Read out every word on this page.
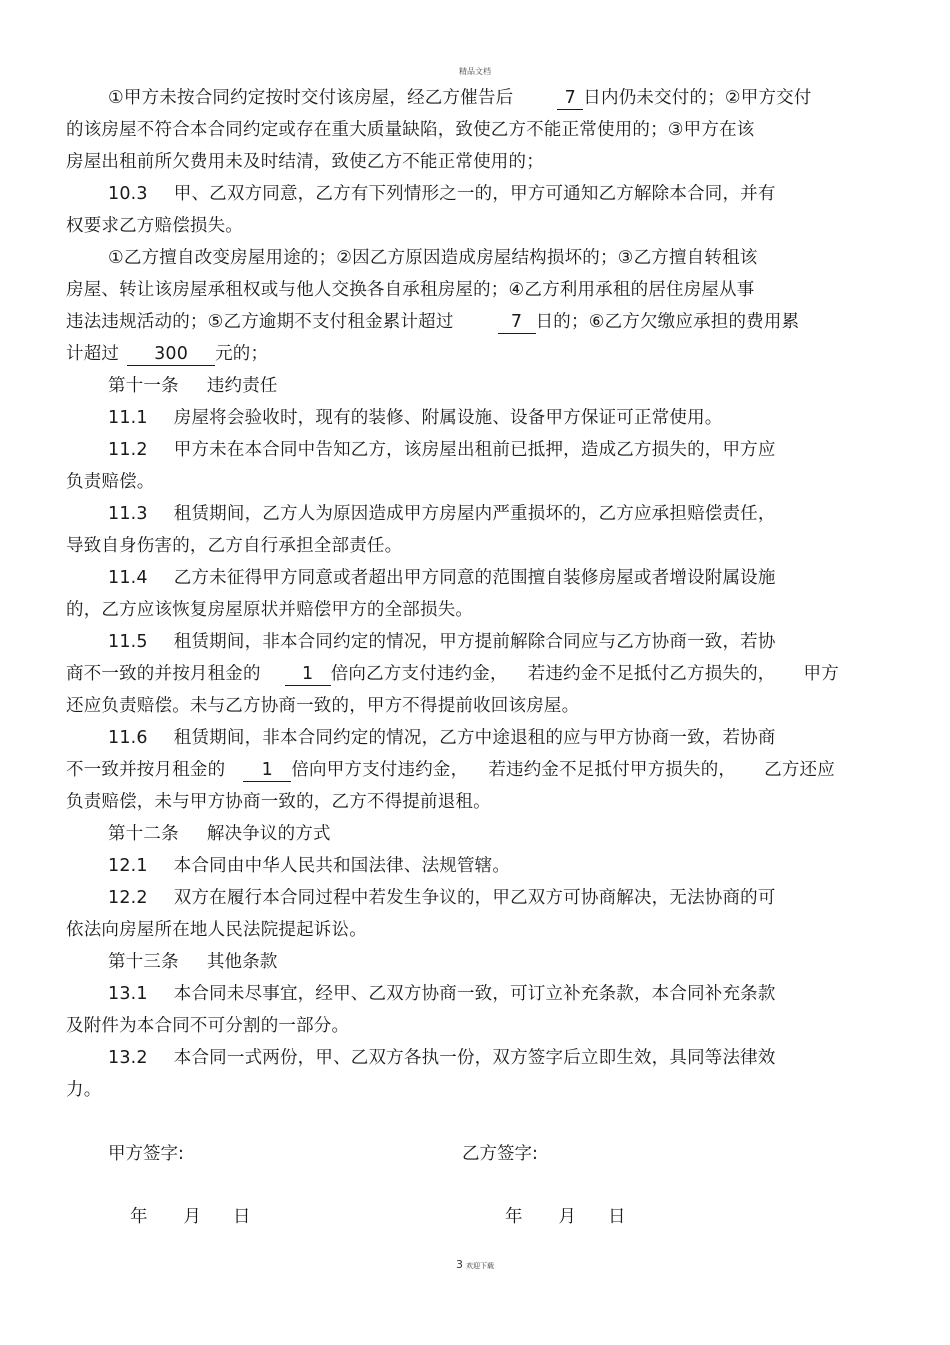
精品文档
①甲方未按合同约定按时交付该房屋，经乙方催告后	7 日内仍未交付的；②甲方交付
的该房屋不符合本合同约定或存在重大质量缺陷，致使乙方不能正常使用的；③甲方在该
房屋出租前所欠费用未及时结清，致使乙方不能正常使用的；
10.3 甲、乙双方同意，乙方有下列情形之一的，甲方可通知乙方解除本合同，并有
权要求乙方赔偿损失。
①乙方擅自改变房屋用途的；②因乙方原因造成房屋结构损坏的；③乙方擅自转租该
房屋、转让该房屋承租权或与他人交换各自承租房屋的；④乙方利用承租的居住房屋从事
违法违规活动的；⑤乙方逾期不支付租金累计超过	7 日的；⑥乙方欠缴应承担的费用累
计超过 300 元的；
第十一条 违约责任
11.1 房屋将会验收时，现有的装修、附属设施、设备甲方保证可正常使用。
11.2 甲方未在本合同中告知乙方，该房屋出租前已抵押，造成乙方损失的，甲方应
负责赔偿。
11.3 租赁期间，乙方人为原因造成甲方房屋内严重损坏的，乙方应承担赔偿责任，
导致自身伤害的，乙方自行承担全部责任。
11.4 乙方未征得甲方同意或者超出甲方同意的范围擅自装修房屋或者增设附属设施
的，乙方应该恢复房屋原状并赔偿甲方的全部损失。
11.5 租赁期间，非本合同约定的情况，甲方提前解除合同应与乙方协商一致，若协
商不一致的并按月租金的 1 倍向乙方支付违约金， 若违约金不足抵付乙方损失的， 甲方
还应负责赔偿。未与乙方协商一致的，甲方不得提前收回该房屋。
11.6 租赁期间，非本合同约定的情况，乙方中途退租的应与甲方协商一致，若协商
不一致并按月租金的 1 倍向甲方支付违约金， 若违约金不足抵付甲方损失的， 乙方还应
负责赔偿，未与甲方协商一致的，乙方不得提前退租。
第十二条 解决争议的方式
12.1 本合同由中华人民共和国法律、法规管辖。
12.2 双方在履行本合同过程中若发生争议的，甲乙双方可协商解决，无法协商的可
依法向房屋所在地人民法院提起诉讼。
第十三条 其他条款
13.1 本合同未尽事宜，经甲、乙双方协商一致，可订立补充条款，本合同补充条款
及附件为本合同不可分割的一部分。
13.2 本合同一式两份，甲、乙双方各执一份，双方签字后立即生效，具同等法律效
力。
甲方签字:	乙方签字:
年 月 日	年 月 日
3 欢迎下载
